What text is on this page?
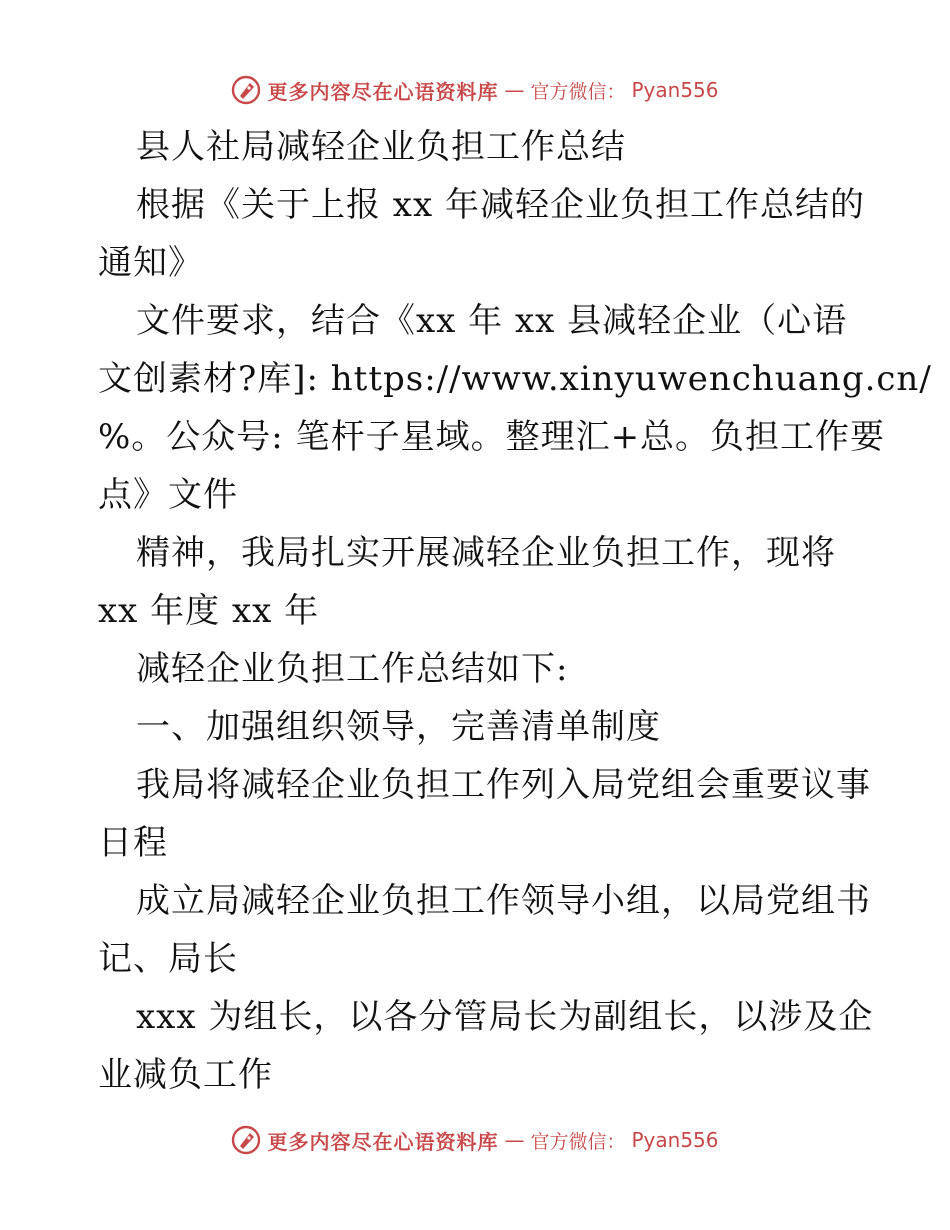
更多内容尽在心语资料库 — 官方微信： Pyan556
县人社局减轻企业负担工作总结
根据《关于上报 xx 年减轻企业负担工作总结的
通知》
文件要求，结合《xx 年 xx 县减轻企业（心语
文创素材?库]: https://www.xinyuwenchuang.cn/
%。公众号: 笔杆子星域。整理汇+总。负担工作要
点》文件
精神，我局扎实开展减轻企业负担工作，现将
xx 年度 xx 年
减轻企业负担工作总结如下:
一、加强组织领导，完善清单制度
我局将减轻企业负担工作列入局党组会重要议事
日程
成立局减轻企业负担工作领导小组，以局党组书
记、局长
xxx 为组长，以各分管局长为副组长，以涉及企
业减负工作
更多内容尽在心语资料库 — 官方微信： Pyan556
